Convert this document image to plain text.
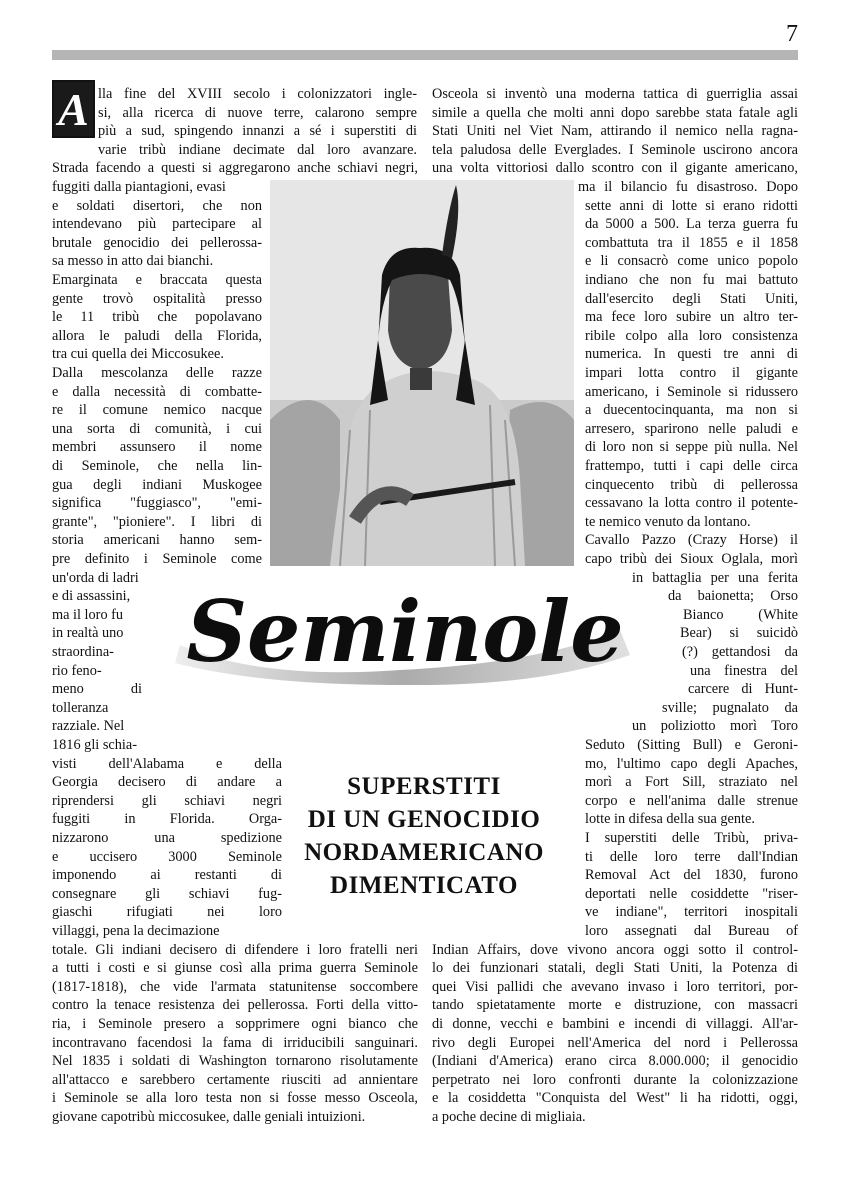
7
A
Seminole
SUPERSTITI
DI UN GENOCIDIO
NORDAMERICANO
DIMENTICATO
lla fine del XVIII secolo i colonizzatori ingle-
si, alla ricerca di nuove terre, calarono sempre
più a sud, spingendo innanzi a sé i superstiti di
varie tribù indiane decimate dal loro avanzare.
Strada facendo a questi si aggregarono anche schiavi negri,
fuggiti dalla piantagioni, evasi
e soldati disertori, che non
intendevano più partecipare al
brutale genocidio dei pellerossa-
sa messo in atto dai bianchi.
Emarginata e braccata questa
gente trovò ospitalità presso
le 11 tribù che popolavano
allora le paludi della Florida,
tra cui quella dei Miccosukee.
Dalla mescolanza delle razze
e dalla necessità di combatte-
re il comune nemico nacque
una sorta di comunità, i cui
membri assunsero il nome
di Seminole, che nella lin-
gua degli indiani Muskogee
significa "fuggiasco", "emi-
grante", "pioniere". I libri di
storia americani hanno sem-
pre definito i Seminole come
un'orda di ladri
e di assassini,
ma il loro fu
in realtà uno
straordina-
rio feno-
meno di
tolleranza
razziale. Nel
1816 gli schia-
visti dell'Alabama e della
Georgia decisero di andare a
riprendersi gli schiavi negri
fuggiti in Florida. Orga-
nizzarono una spedizione
e uccisero 3000 Seminole
imponendo ai restanti di
consegnare gli schiavi fug-
giaschi rifugiati nei loro
villaggi, pena la decimazione
totale. Gli indiani decisero di difendere i loro fratelli neri
a tutti i costi e si giunse così alla prima guerra Seminole
(1817-1818), che vide l'armata statunitense soccombere
contro la tenace resistenza dei pellerossa. Forti della vitto-
ria, i Seminole presero a sopprimere ogni bianco che
incontravano facendosi la fama di irriducibili sanguinari.
Nel 1835 i soldati di Washington tornarono risolutamente
all'attacco e sarebbero certamente riusciti ad annientare
i Seminole se alla loro testa non si fosse messo Osceola,
giovane capotribù miccosukee, dalle geniali intuizioni.
Osceola si inventò una moderna tattica di guerriglia assai
simile a quella che molti anni dopo sarebbe stata fatale agli
Stati Uniti nel Viet Nam, attirando il nemico nella ragna-
tela paludosa delle Everglades. I Seminole uscirono ancora
una volta vittoriosi dallo scontro con il gigante americano,
ma il bilancio fu disastroso. Dopo
sette anni di lotte si erano ridotti
da 5000 a 500. La terza guerra fu
combattuta tra il 1855 e il 1858
e li consacrò come unico popolo
indiano che non fu mai battuto
dall'esercito degli Stati Uniti,
ma fece loro subire un altro ter-
ribile colpo alla loro consistenza
numerica. In questi tre anni di
impari lotta contro il gigante
americano, i Seminole si ridussero
a duecentocinquanta, ma non si
arresero, sparirono nelle paludi e
di loro non si seppe più nulla. Nel
frattempo, tutti i capi delle circa
cinquecento tribù di pellerossa
cessavano la lotta contro il potente-
te nemico venuto da lontano.
Cavallo Pazzo (Crazy Horse) il
capo tribù dei Sioux Oglala, morì
in battaglia per una ferita
da baionetta; Orso
Bianco (White
Bear) si suicidò
(?) gettandosi da
una finestra del
carcere di Hunt-
sville; pugnalato da
un poliziotto morì Toro
Seduto (Sitting Bull) e Geroni-
mo, l'ultimo capo degli Apaches,
morì a Fort Sill, straziato nel
corpo e nell'anima dalle strenue
lotte in difesa della sua gente.
I superstiti delle Tribù, priva-
ti delle loro terre dall'Indian
Removal Act del 1830, furono
deportati nelle cosiddette "riser-
ve indiane", territori inospitali
loro assegnati dal Bureau of
Indian Affairs, dove vivono ancora oggi sotto il control-
lo dei funzionari statali, degli Stati Uniti, la Potenza di
quei Visi pallidi che avevano invaso i loro territori, por-
tando spietatamente morte e distruzione, con massacri
di donne, vecchi e bambini e incendi di villaggi. All'ar-
rivo degli Europei nell'America del nord i Pellerossa
(Indiani d'America) erano circa 8.000.000; il genocidio
perpetrato nei loro confronti durante la colonizzazione
e la cosiddetta "Conquista del West" li ha ridotti, oggi,
a poche decine di migliaia.
